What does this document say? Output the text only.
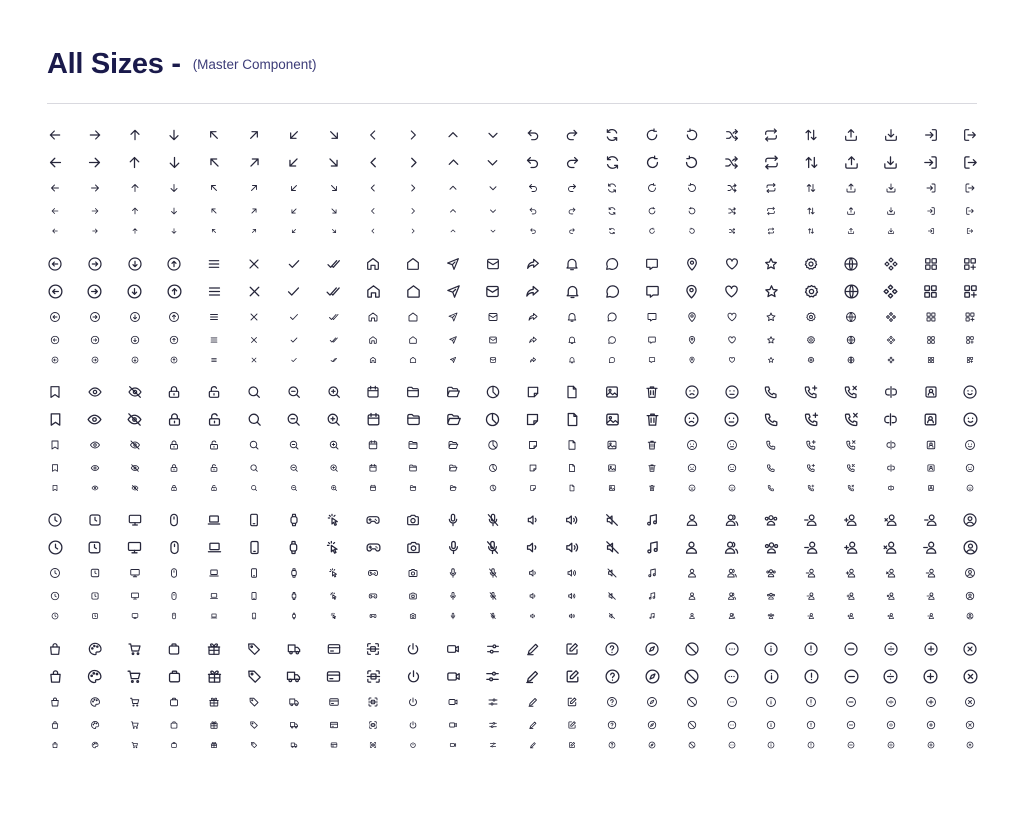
All Sizes - (Master Component)
